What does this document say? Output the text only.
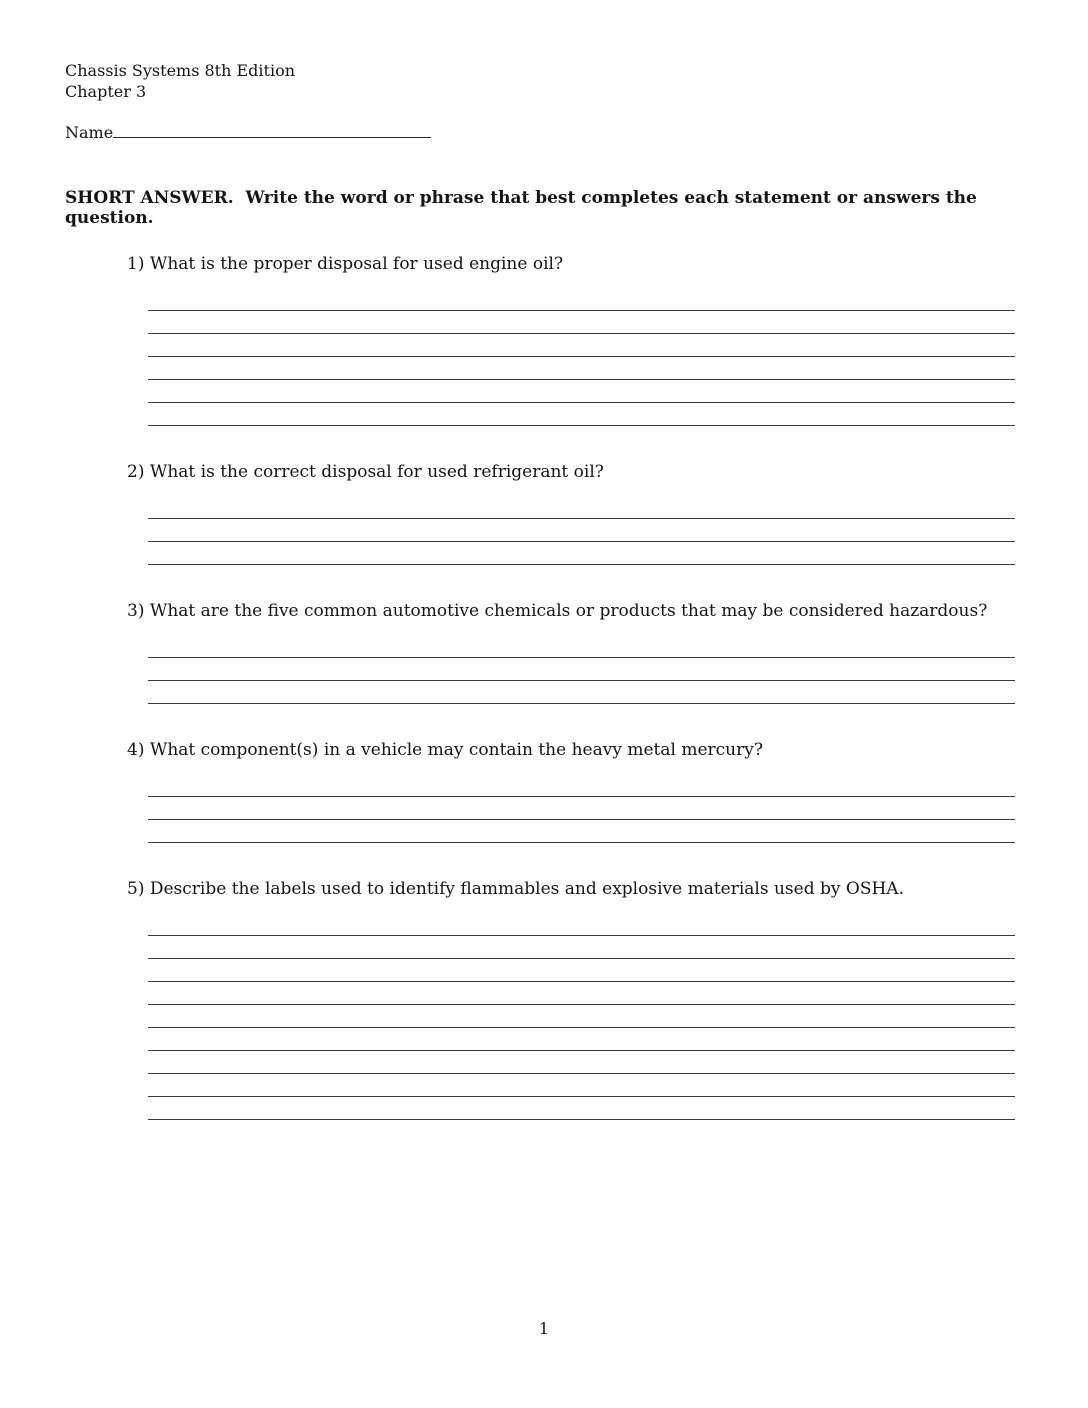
Chassis Systems 8th Edition
Chapter 3
Name
SHORT ANSWER.  Write the word or phrase that best completes each statement or answers the question.
1) What is the proper disposal for used engine oil?
2) What is the correct disposal for used refrigerant oil?
3) What are the five common automotive chemicals or products that may be considered hazardous?
4) What component(s) in a vehicle may contain the heavy metal mercury?
5) Describe the labels used to identify flammables and explosive materials used by OSHA.
1
